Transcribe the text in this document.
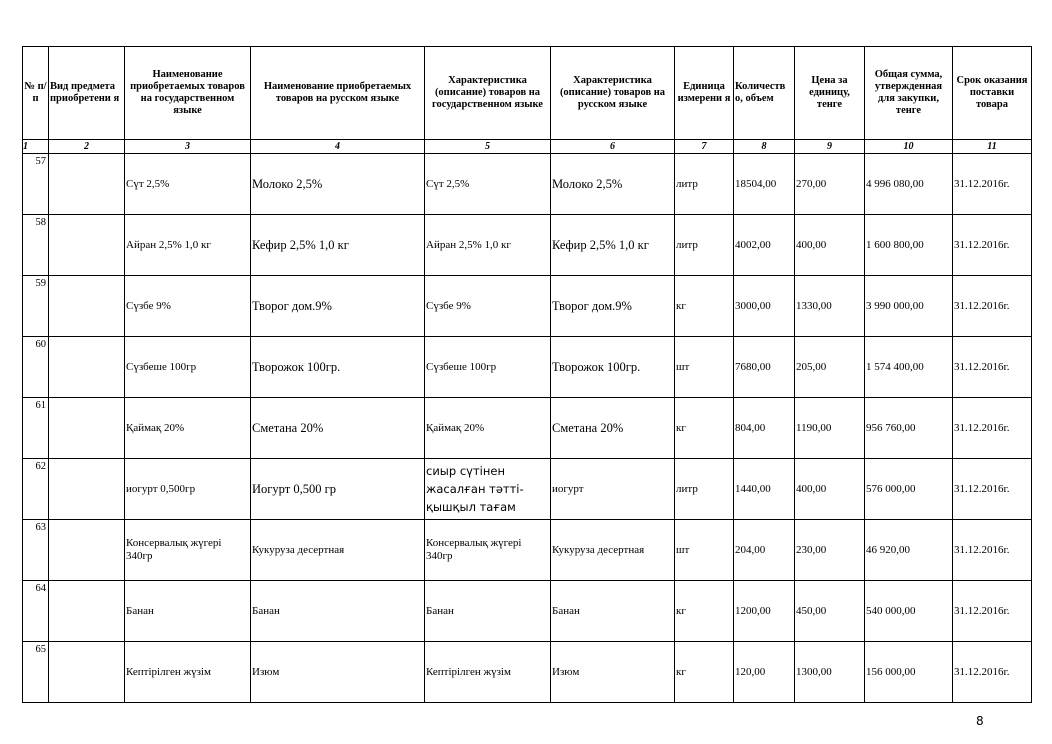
№ п/п	Вид предмета приобретени я	Наименование приобретаемых товаров на государственном языке	Наименование приобретаемых товаров на русском языке	Характеристика (описание) товаров на государственном языке	Характеристика (описание) товаров на русском языке	Единица измерени я	Количеств о, объем	Цена за единицу, тенге	Общая сумма, утвержденная для закупки, тенге	Срок оказания поставки товара
1	2	3	4	5	6	7	8	9	10	11
57		Сүт 2,5%	Молоко 2,5%	Сүт 2,5%	Молоко 2,5%	литр	18504,00	270,00	4 996 080,00	31.12.2016г.
58		Айран 2,5% 1,0 кг	Кефир 2,5% 1,0 кг	Айран 2,5% 1,0 кг	Кефир 2,5% 1,0 кг	литр	4002,00	400,00	1 600 800,00	31.12.2016г.
59		Сүзбе 9%	Творог дом.9%	Сүзбе 9%	Творог дом.9%	кг	3000,00	1330,00	3 990 000,00	31.12.2016г.
60		Сүзбеше 100гр	Творожок 100гр.	Сүзбеше 100гр	Творожок 100гр.	шт	7680,00	205,00	1 574 400,00	31.12.2016г.
61		Қаймақ 20%	Сметана 20%	Қаймақ 20%	Сметана 20%	кг	804,00	1190,00	956 760,00	31.12.2016г.
62		иогурт 0,500гр	Иогурт 0,500 гр	сиыр сүтінен жасалған тәтті-қышқыл тағам	иогурт	литр	1440,00	400,00	576 000,00	31.12.2016г.
63		Консервалық жүгері 340гр	Кукуруза десертная	Консервалық жүгері 340гр	Кукуруза десертная	шт	204,00	230,00	46 920,00	31.12.2016г.
64		Банан	Банан	Банан	Банан	кг	1200,00	450,00	540 000,00	31.12.2016г.
65		Кептірілген жүзім	Изюм	Кептірілген жүзім	Изюм	кг	120,00	1300,00	156 000,00	31.12.2016г.
8
